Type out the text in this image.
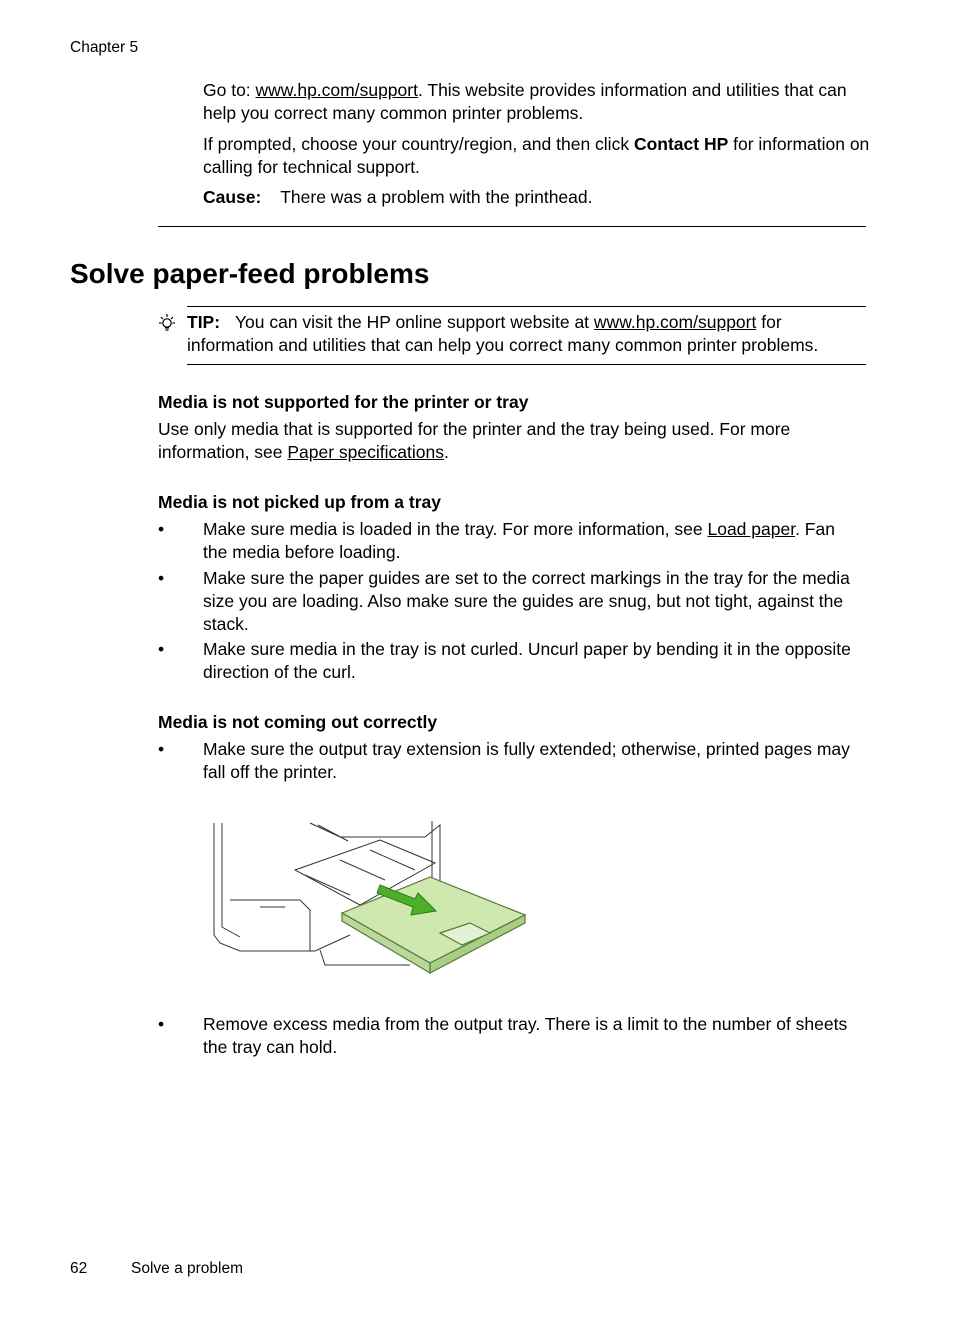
Chapter 5
Go to: www.hp.com/support. This website provides information and utilities that can help you correct many common printer problems.
If prompted, choose your country/region, and then click Contact HP for information on calling for technical support.
Cause: There was a problem with the printhead.
Solve paper-feed problems
TIP: You can visit the HP online support website at www.hp.com/support for information and utilities that can help you correct many common printer problems.
Media is not supported for the printer or tray
Use only media that is supported for the printer and the tray being used. For more information, see Paper specifications.
Media is not picked up from a tray
• Make sure media is loaded in the tray. For more information, see Load paper. Fan the media before loading.
• Make sure the paper guides are set to the correct markings in the tray for the media size you are loading. Also make sure the guides are snug, but not tight, against the stack.
• Make sure media in the tray is not curled. Uncurl paper by bending it in the opposite direction of the curl.
Media is not coming out correctly
• Make sure the output tray extension is fully extended; otherwise, printed pages may fall off the printer.
• Remove excess media from the output tray. There is a limit to the number of sheets the tray can hold.
62	Solve a problem
